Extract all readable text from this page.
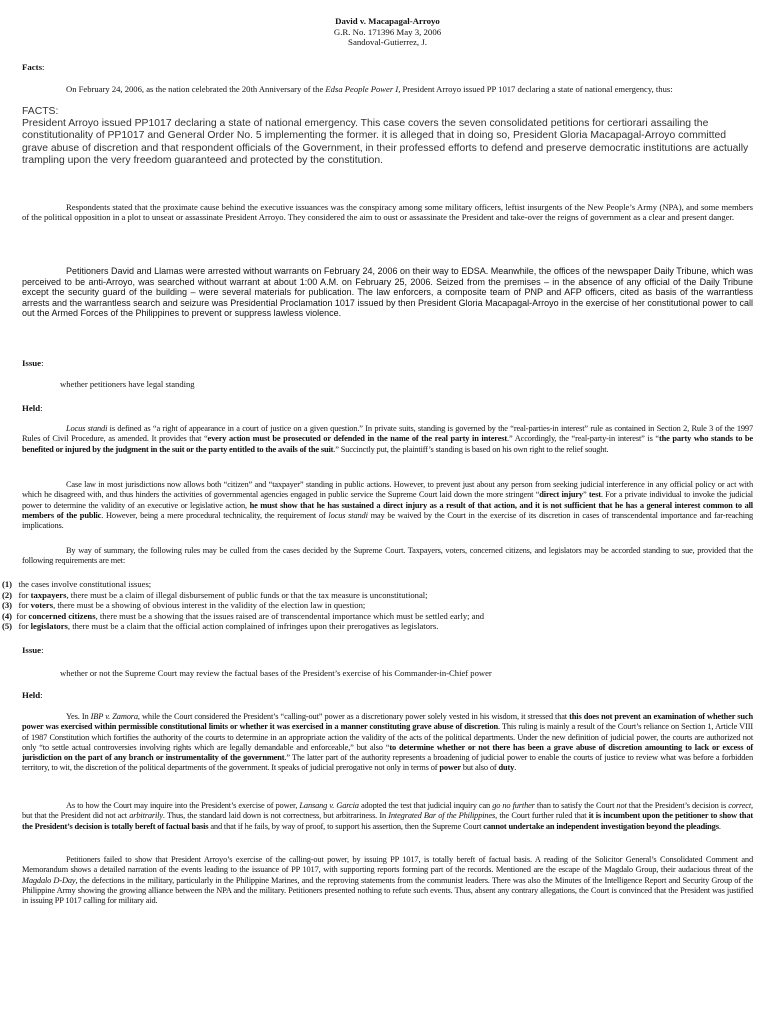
David v. Macapagal-Arroyo
G.R. No. 171396 May 3, 2006
Sandoval-Gutierrez, J.
Facts:

On February 24, 2006, as the nation celebrated the 20th Anniversary of the Edsa People Power I, President Arroyo issued PP 1017 declaring a state of national emergency, thus:

FACTS:
President Arroyo issued PP1017 declaring a state of national emergency. This case covers the seven consolidated petitions for certiorari assailing the constitutionality of PP1017 and General Order No. 5 implementing the former. it is alleged that in doing so, President Gloria Macapagal-Arroyo committed grave abuse of discretion and that respondent officials of the Government, in their professed efforts to defend and preserve democratic institutions are actually trampling upon the very freedom guaranteed and protected by the constitution.

Respondents stated that the proximate cause behind the executive issuances was the conspiracy among some military officers, leftist insurgents of the New People’s Army (NPA), and some members of the political opposition in a plot to unseat or assassinate President Arroyo. They considered the aim to oust or assassinate the President and take-over the reigns of government as a clear and present danger.

Petitioners David and Llamas were arrested without warrants on February 24, 2006 on their way to EDSA. Meanwhile, the offices of the newspaper Daily Tribune, which was perceived to be anti-Arroyo, was searched without warrant at about 1:00 A.M. on February 25, 2006. Seized from the premises – in the absence of any official of the Daily Tribune except the security guard of the building – were several materials for publication. The law enforcers, a composite team of PNP and AFP officers, cited as basis of the warrantless arrests and the warrantless search and seizure was Presidential Proclamation 1017 issued by then President Gloria Macapagal-Arroyo in the exercise of her constitutional power to call out the Armed Forces of the Philippines to prevent or suppress lawless violence.

Issue:

whether petitioners have legal standing

Held:

Locus standi is defined as “a right of appearance in a court of justice on a given question.” In private suits, standing is governed by the “real-parties-in interest” rule as contained in Section 2, Rule 3 of the 1997 Rules of Civil Procedure, as amended. It provides that “every action must be prosecuted or defended in the name of the real party in interest.” Accordingly, the “real-party-in interest” is “the party who stands to be benefited or injured by the judgment in the suit or the party entitled to the avails of the suit.” Succinctly put, the plaintiff’s standing is based on his own right to the relief sought.

Case law in most jurisdictions now allows both “citizen” and “taxpayer” standing in public actions. However, to prevent just about any person from seeking judicial interference in any official policy or act with which he disagreed with, and thus hinders the activities of governmental agencies engaged in public service the Supreme Court laid down the more stringent “direct injury” test. For a private individual to invoke the judicial power to determine the validity of an executive or legislative action, he must show that he has sustained a direct injury as a result of that action, and it is not sufficient that he has a general interest common to all members of the public. However, being a mere procedural technicality, the requirement of locus standi may be waived by the Court in the exercise of its discretion in cases of transcendental importance and far-reaching implications.

By way of summary, the following rules may be culled from the cases decided by the Supreme Court. Taxpayers, voters, concerned citizens, and legislators may be accorded standing to sue, provided that the following requirements are met:

(1) the cases involve constitutional issues;
(2) for taxpayers, there must be a claim of illegal disbursement of public funds or that the tax measure is unconstitutional;
(3) for voters, there must be a showing of obvious interest in the validity of the election law in question;
(4) for concerned citizens, there must be a showing that the issues raised are of transcendental importance which must be settled early; and
(5) for legislators, there must be a claim that the official action complained of infringes upon their prerogatives as legislators.
Issue:

whether or not the Supreme Court may review the factual bases of the President’s exercise of his Commander-in-Chief power

Held:

Yes. In IBP v. Zamora, while the Court considered the President’s “calling-out” power as a discretionary power solely vested in his wisdom, it stressed that this does not prevent an examination of whether such power was exercised within permissible constitutional limits or whether it was exercised in a manner constituting grave abuse of discretion. This ruling is mainly a result of the Court’s reliance on Section 1, Article VIII of 1987 Constitution which fortifies the authority of the courts to determine in an appropriate action the validity of the acts of the political departments. Under the new definition of judicial power, the courts are authorized not only “to settle actual controversies involving rights which are legally demandable and enforceable,” but also “to determine whether or not there has been a grave abuse of discretion amounting to lack or excess of jurisdiction on the part of any branch or instrumentality of the government.” The latter part of the authority represents a broadening of judicial power to enable the courts of justice to review what was before a forbidden territory, to wit, the discretion of the political departments of the government. It speaks of judicial prerogative not only in terms of power but also of duty.

As to how the Court may inquire into the President’s exercise of power, Lansang v. Garcia adopted the test that judicial inquiry can go no further than to satisfy the Court not that the President’s decision is correct, but that the President did not act arbitrarily. Thus, the standard laid down is not correctness, but arbitrariness. In Integrated Bar of the Philippines, the Court further ruled that it is incumbent upon the petitioner to show that the President’s decision is totally bereft of factual basis and that if he fails, by way of proof, to support his assertion, then the Supreme Court cannot undertake an independent investigation beyond the pleadings.

Petitioners failed to show that President Arroyo’s exercise of the calling-out power, by issuing PP 1017, is totally bereft of factual basis. A reading of the Solicitor General’s Consolidated Comment and Memorandum shows a detailed narration of the events leading to the issuance of PP 1017, with supporting reports forming part of the records. Mentioned are the escape of the Magdalo Group, their audacious threat of the Magdalo D-Day, the defections in the military, particularly in the Philippine Marines, and the reproving statements from the communist leaders. There was also the Minutes of the Intelligence Report and Security Group of the Philippine Army showing the growing alliance between the NPA and the military. Petitioners presented nothing to refute such events. Thus, absent any contrary allegations, the Court is convinced that the President was justified in issuing PP 1017 calling for military aid.
